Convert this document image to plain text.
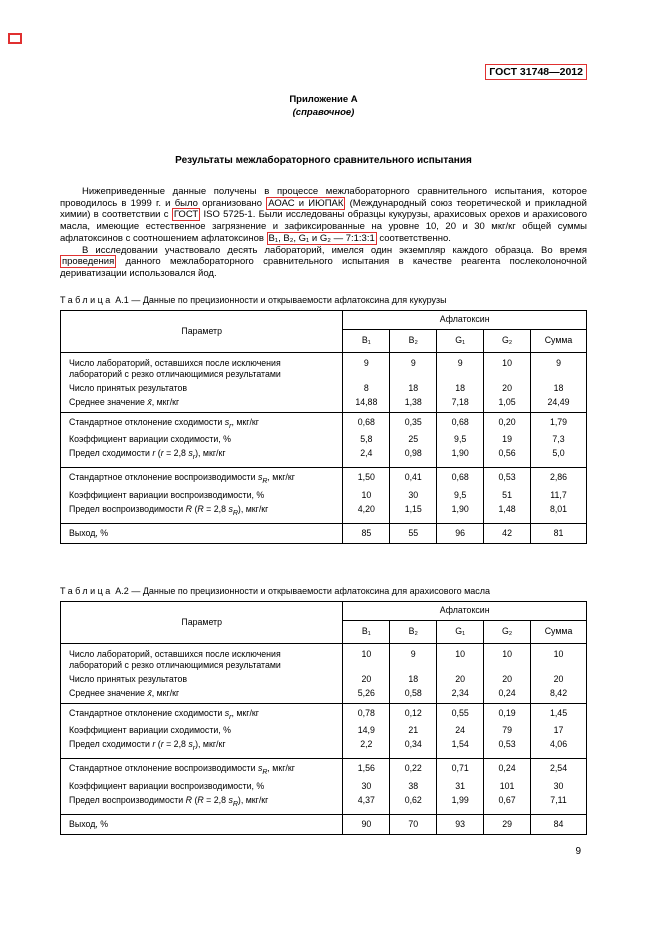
ГОСТ 31748—2012
Приложение А
(справочное)

Результаты межлабораторного сравнительного испытания

Нижеприведенные данные получены в процессе межлабораторного сравнительного испытания, которое проводилось в 1999 г. и было организовано АОАС и ИЮПАК (Международный союз теоретической и прикладной химии) в соответствии с ГОСТ ISO 5725-1. Были исследованы образцы кукурузы, арахисовых орехов и арахисового масла, имеющие естественное загрязнение и зафиксированные на уровне 10, 20 и 30 мкг/кг общей суммы афлатоксинов с соотношением афлатоксинов B₁, B₂, G₁ и G₂ — 7:1:3:1 соответственно.

В исследовании участвовало десять лабораторий, имелся один экземпляр каждого образца. Во время проведения данного межлабораторного сравнительного испытания в качестве реагента послеколоночной дериватизации использовался йод.

Таблица А.1 — Данные по прецизионности и открываемости афлатоксина для кукурузы

Параметр	Афлатоксин				
	B₁	B₂	G₁	G₂	Сумма
Число лабораторий, оставшихся после исключения лабораторий с резко отличающимися результатами	9	9	9	10	9
Число принятых результатов	8	18	18	20	18
Среднее значение x̄, мкг/кг	14,88	1,38	7,18	1,05	24,49
Стандартное отклонение сходимости $s_r$, мкг/кг	0,68	0,35	0,68	0,20	1,79
Коэффициент вариации сходимости, %	5,8	25	9,5	19	7,3
Предел сходимости r (r = 2,8 $s_r$), мкг/кг	2,4	0,98	1,90	0,56	5,0
Стандартное отклонение воспроизводимости $s_R$, мкг/кг	1,50	0,41	0,68	0,53	2,86
Коэффициент вариации воспроизводимости, %	10	30	9,5	51	11,7
Предел воспроизводимости R (R = 2,8 $s_R$), мкг/кг	4,20	1,15	1,90	1,48	8,01
Выход, %	85	55	96	42	81

Таблица А.2 — Данные по прецизионности и открываемости афлатоксина для арахисового масла

Параметр	Афлатоксин				
	B₁	B₂	G₁	G₂	Сумма
Число лабораторий, оставшихся после исключения лабораторий с резко отличающимися результатами	10	9	10	10	10
Число принятых результатов	20	18	20	20	20
Среднее значение x̄, мкг/кг	5,26	0,58	2,34	0,24	8,42
Стандартное отклонение сходимости $s_r$, мкг/кг	0,78	0,12	0,55	0,19	1,45
Коэффициент вариации сходимости, %	14,9	21	24	79	17
Предел сходимости r (r = 2,8 $s_r$), мкг/кг	2,2	0,34	1,54	0,53	4,06
Стандартное отклонение воспроизводимости $s_R$, мкг/кг	1,56	0,22	0,71	0,24	2,54
Коэффициент вариации воспроизводимости, %	30	38	31	101	30
Предел воспроизводимости R (R = 2,8 $s_R$), мкг/кг	4,37	0,62	1,99	0,67	7,11
Выход, %	90	70	93	29	84
9
